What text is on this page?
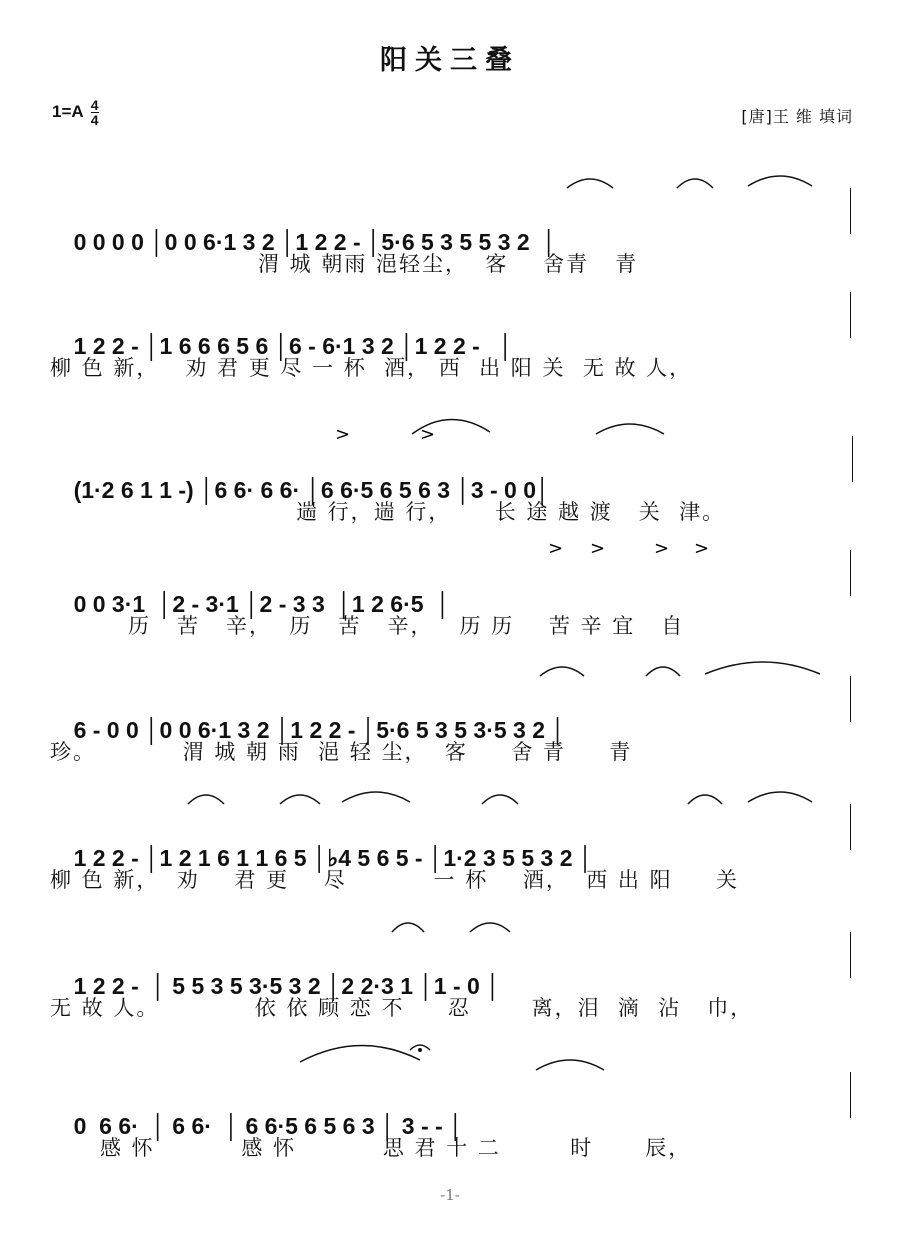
阳关三叠
$1=A \frac{4}{4}$	[唐]王 维 填词

0 0 0 0 │0 0 6·1 3 2 │1 2 2 - │5·6 5 3 5 5 3 2  │

渭 城 朝雨 浥轻尘，  客    舍青   青

1 2 2 - │1 6 6 6 5 6 │6 - 6·1 3 2 │1 2 2 -   │

柳 色 新，   劝 君 更 尽 一 杯  酒， 西  出 阳 关  无 故 人，
>	>

(1·2 6 1 1 -) │6 6· 6 6· │6 6·5 6 5 6 3 │3 - 0 0│

遄 行，遄 行，     长 途 越 渡   关  津。
> >	> >

0 0 3·1  │2 - 3·1 │2 - 3 3  │1 2 6·5  │

历   苦   辛，  历   苦   辛，   历 历    苦 辛 宜   自

6 - 0 0 │0 0 6·1 3 2 │1 2 2 - │5·6 5 3 5 3·5 3 2 │

珍。          渭 城 朝 雨  浥 轻 尘，  客     舍 青     青

1 2 2 - │1 2 1 6 1 1 6 5 │♭4 5 6 5 - │1·2 3 5 5 3 2 │

柳 色 新，  劝    君 更    尽          一 杯    酒，  西 出 阳     关

1 2 2 -  │ 5 5 3 5 3·5 3 2 │2 2·3 1 │1 - 0 │

无 故 人。           依 依 顾 恋 不     忍       离，泪  滴  沾   巾，

0  6 6·  │ 6 6·  │ 6 6·5 6 5 6 3 │ 3 - - │

感 怀          感 怀          思 君 十 二        时      辰，
-1-
